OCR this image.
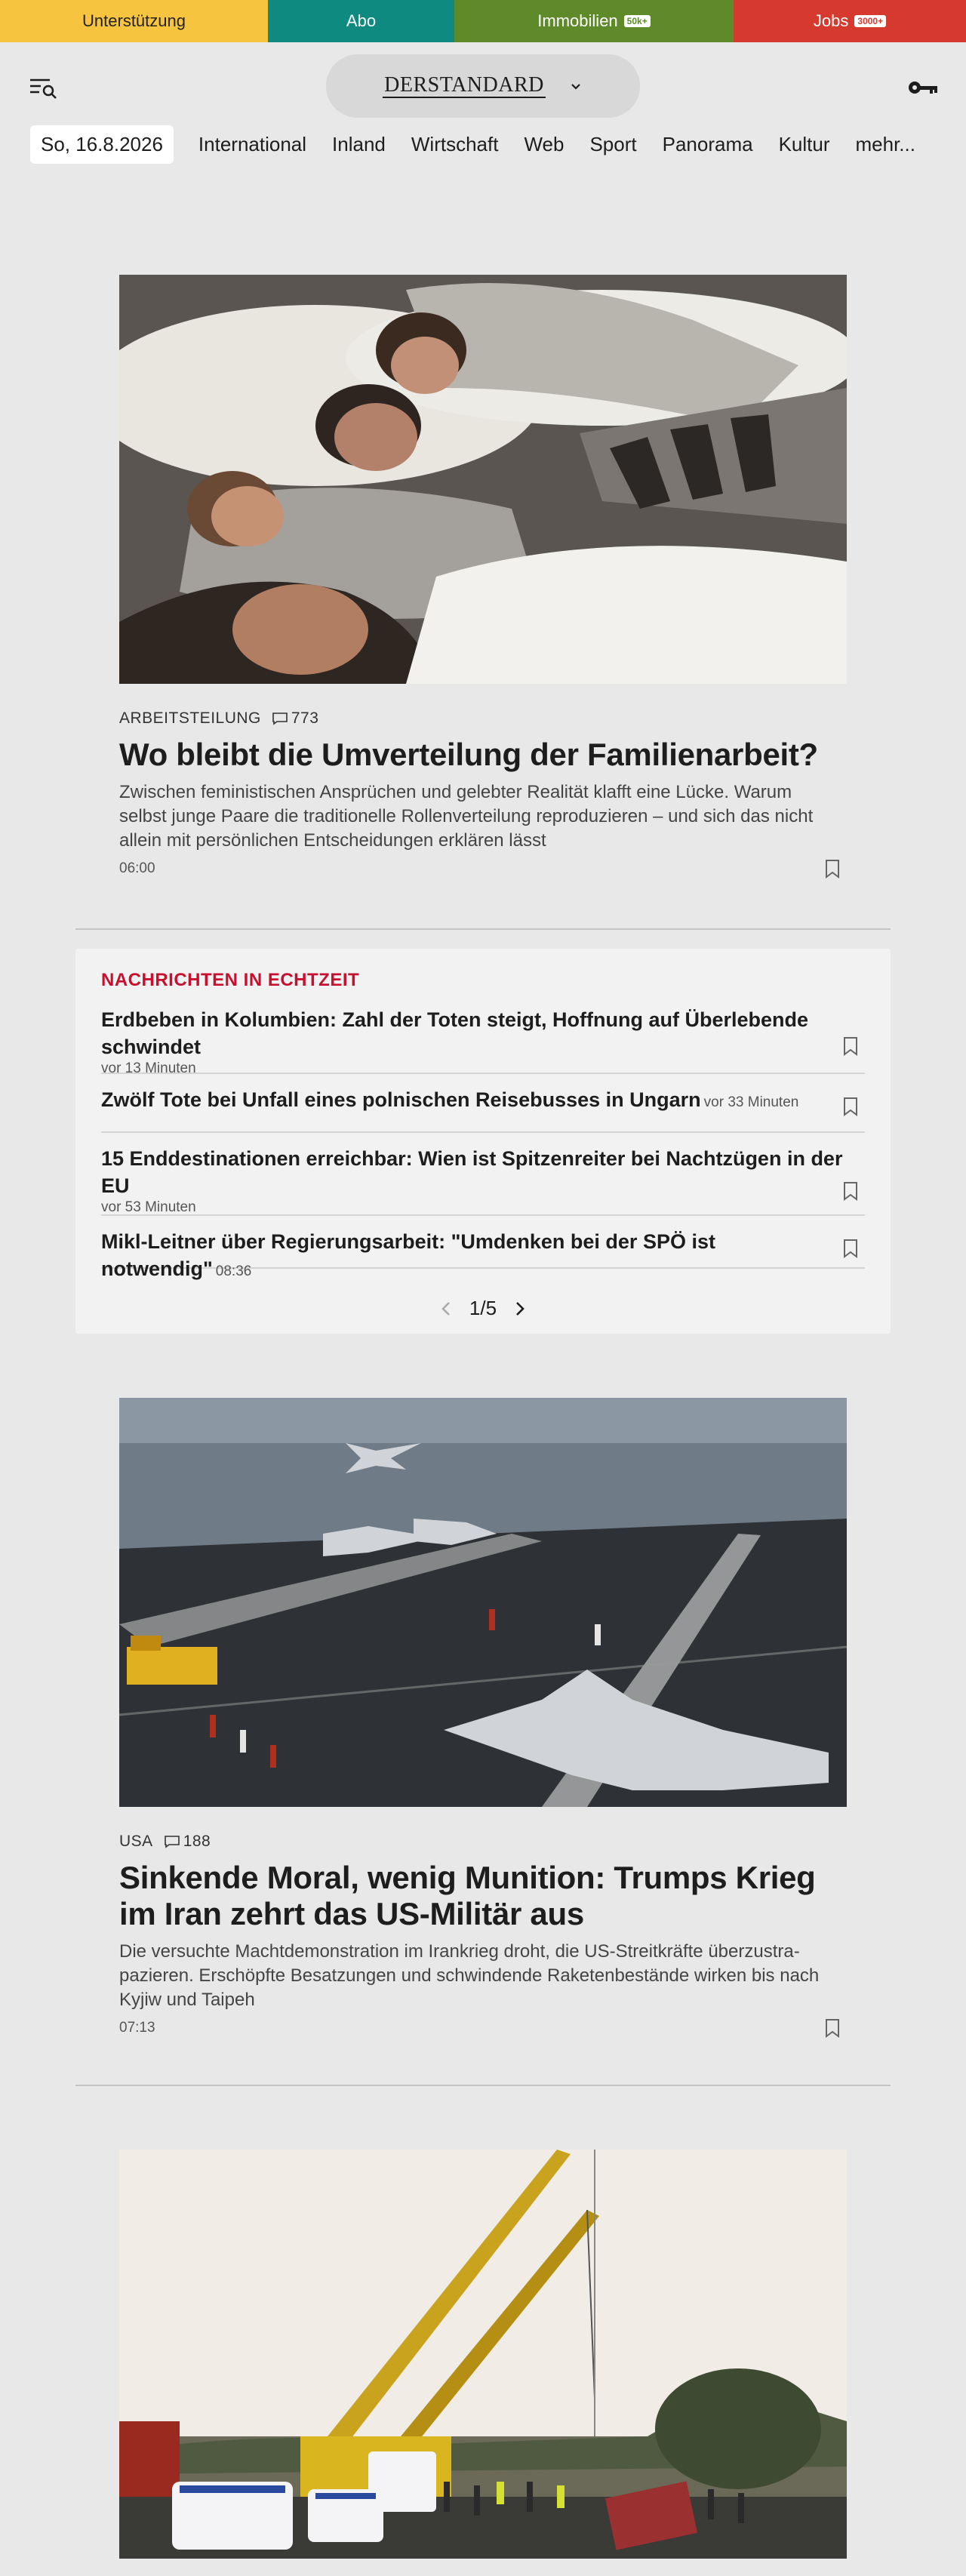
Unterstützung	Abo	Immobilien	50k+	Jobs	3000+
DERSTANDARD
So, 16.8.2026	International	Inland	Wirtschaft	Web	Sport	Panorama	Kultur	mehr...
ARBEITSTEILUNG 773
Wo bleibt die Umverteilung der Familienarbeit?
Zwischen feministischen Ansprüchen und gelebter Realität klafft eine Lücke. Warum selbst junge Paare die traditionelle Rollenverteilung reproduzieren – und sich das nicht allein mit persönlichen Entscheidungen erklären lässt
06:00
NACHRICHTEN IN ECHTZEIT
Erdbeben in Kolumbien: Zahl der Toten steigt, Hoffnung auf Überlebende schwindet
vor 13 Minuten
Zwölf Tote bei Unfall eines polnischen Reisebusses in Ungarn vor 33 Minuten
15 Enddestinationen erreichbar: Wien ist Spitzenreiter bei Nachtzügen in der EU
vor 53 Minuten
Mikl-Leitner über Regierungsarbeit: "Umdenken bei der SPÖ ist notwendig" 08:36
1/5
USA 188
Sinkende Moral, wenig Munition: Trumps Krieg im Iran zehrt das US-Militär aus
Die versuchte Machtdemonstration im Irankrieg droht, die US-Streitkräfte überzustrapazieren. Erschöpfte Besatzungen und schwindende Raketenbestände wirken bis nach Kyjiw und Taipeh
07:13
